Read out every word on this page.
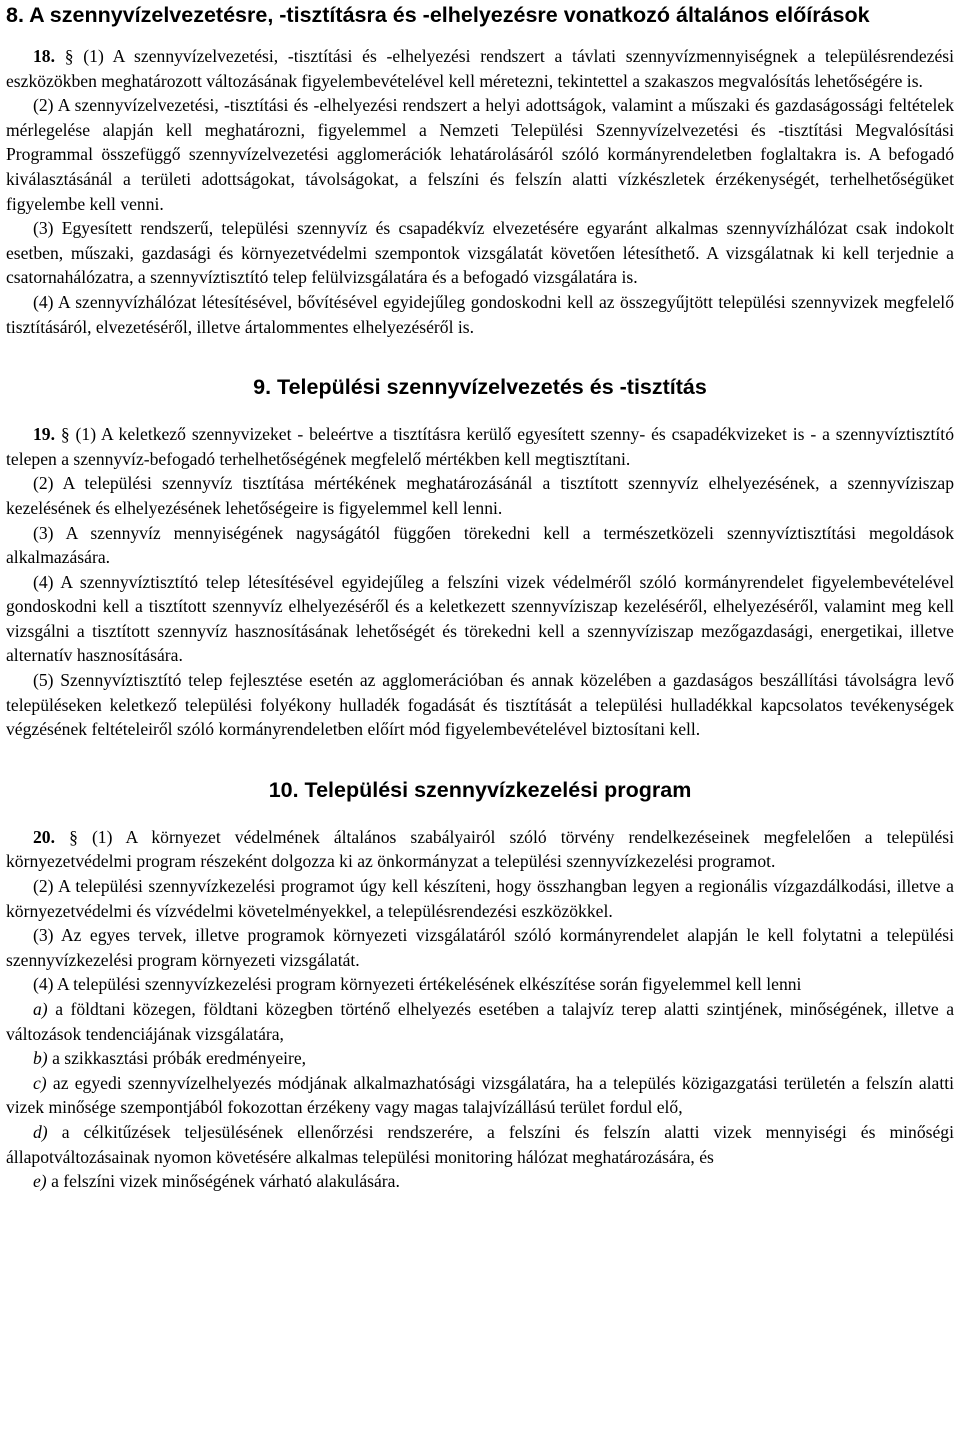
8. A szennyvízelvezetésre, -tisztításra és -elhelyezésre vonatkozó általános előírások

18. § (1) A szennyvízelvezetési, -tisztítási és -elhelyezési rendszert a távlati szennyvízmennyiségnek a településrendezési eszközökben meghatározott változásának figyelembevételével kell méretezni, tekintettel a szakaszos megvalósítás lehetőségére is.

(2) A szennyvízelvezetési, -tisztítási és -elhelyezési rendszert a helyi adottságok, valamint a műszaki és gazdaságossági feltételek mérlegelése alapján kell meghatározni, figyelemmel a Nemzeti Települési Szennyvízelvezetési és -tisztítási Megvalósítási Programmal összefüggő szennyvízelvezetési agglomerációk lehatárolásáról szóló kormányrendeletben foglaltakra is. A befogadó kiválasztásánál a területi adottságokat, távolságokat, a felszíni és felszín alatti vízkészletek érzékenységét, terhelhetőségüket figyelembe kell venni.

(3) Egyesített rendszerű, települési szennyvíz és csapadékvíz elvezetésére egyaránt alkalmas szennyvízhálózat csak indokolt esetben, műszaki, gazdasági és környezetvédelmi szempontok vizsgálatát követően létesíthető. A vizsgálatnak ki kell terjednie a csatornahálózatra, a szennyvíztisztító telep felülvizsgálatára és a befogadó vizsgálatára is.

(4) A szennyvízhálózat létesítésével, bővítésével egyidejűleg gondoskodni kell az összegyűjtött települési szennyvizek megfelelő tisztításáról, elvezetéséről, illetve ártalommentes elhelyezéséről is.

9. Települési szennyvízelvezetés és -tisztítás

19. § (1) A keletkező szennyvizeket - beleértve a tisztításra kerülő egyesített szenny- és csapadékvizeket is - a szennyvíztisztító telepen a szennyvíz-befogadó terhelhetőségének megfelelő mértékben kell megtisztítani.

(2) A települési szennyvíz tisztítása mértékének meghatározásánál a tisztított szennyvíz elhelyezésének, a szennyvíziszap kezelésének és elhelyezésének lehetőségeire is figyelemmel kell lenni.

(3) A szennyvíz mennyiségének nagyságától függően törekedni kell a természetközeli szennyvíztisztítási megoldások alkalmazására.

(4) A szennyvíztisztító telep létesítésével egyidejűleg a felszíni vizek védelméről szóló kormányrendelet figyelembevételével gondoskodni kell a tisztított szennyvíz elhelyezéséről és a keletkezett szennyvíziszap kezeléséről, elhelyezéséről, valamint meg kell vizsgálni a tisztított szennyvíz hasznosításának lehetőségét és törekedni kell a szennyvíziszap mezőgazdasági, energetikai, illetve alternatív hasznosítására.

(5) Szennyvíztisztító telep fejlesztése esetén az agglomerációban és annak közelében a gazdaságos beszállítási távolságra levő településeken keletkező települési folyékony hulladék fogadását és tisztítását a települési hulladékkal kapcsolatos tevékenységek végzésének feltételeiről szóló kormányrendeletben előírt mód figyelembevételével biztosítani kell.

10. Települési szennyvízkezelési program

20. § (1) A környezet védelmének általános szabályairól szóló törvény rendelkezéseinek megfelelően a települési környezetvédelmi program részeként dolgozza ki az önkormányzat a települési szennyvízkezelési programot.

(2) A települési szennyvízkezelési programot úgy kell készíteni, hogy összhangban legyen a regionális vízgazdálkodási, illetve a környezetvédelmi és vízvédelmi követelményekkel, a településrendezési eszközökkel.

(3) Az egyes tervek, illetve programok környezeti vizsgálatáról szóló kormányrendelet alapján le kell folytatni a települési szennyvízkezelési program környezeti vizsgálatát.

(4) A települési szennyvízkezelési program környezeti értékelésének elkészítése során figyelemmel kell lenni

a) a földtani közegen, földtani közegben történő elhelyezés esetében a talajvíz terep alatti szintjének, minőségének, illetve a változások tendenciájának vizsgálatára,

b) a szikkasztási próbák eredményeire,

c) az egyedi szennyvízelhelyezés módjának alkalmazhatósági vizsgálatára, ha a település közigazgatási területén a felszín alatti vizek minősége szempontjából fokozottan érzékeny vagy magas talajvízállású terület fordul elő,

d) a célkitűzések teljesülésének ellenőrzési rendszerére, a felszíni és felszín alatti vizek mennyiségi és minőségi állapotváltozásainak nyomon követésére alkalmas települési monitoring hálózat meghatározására, és

e) a felszíni vizek minőségének várható alakulására.
